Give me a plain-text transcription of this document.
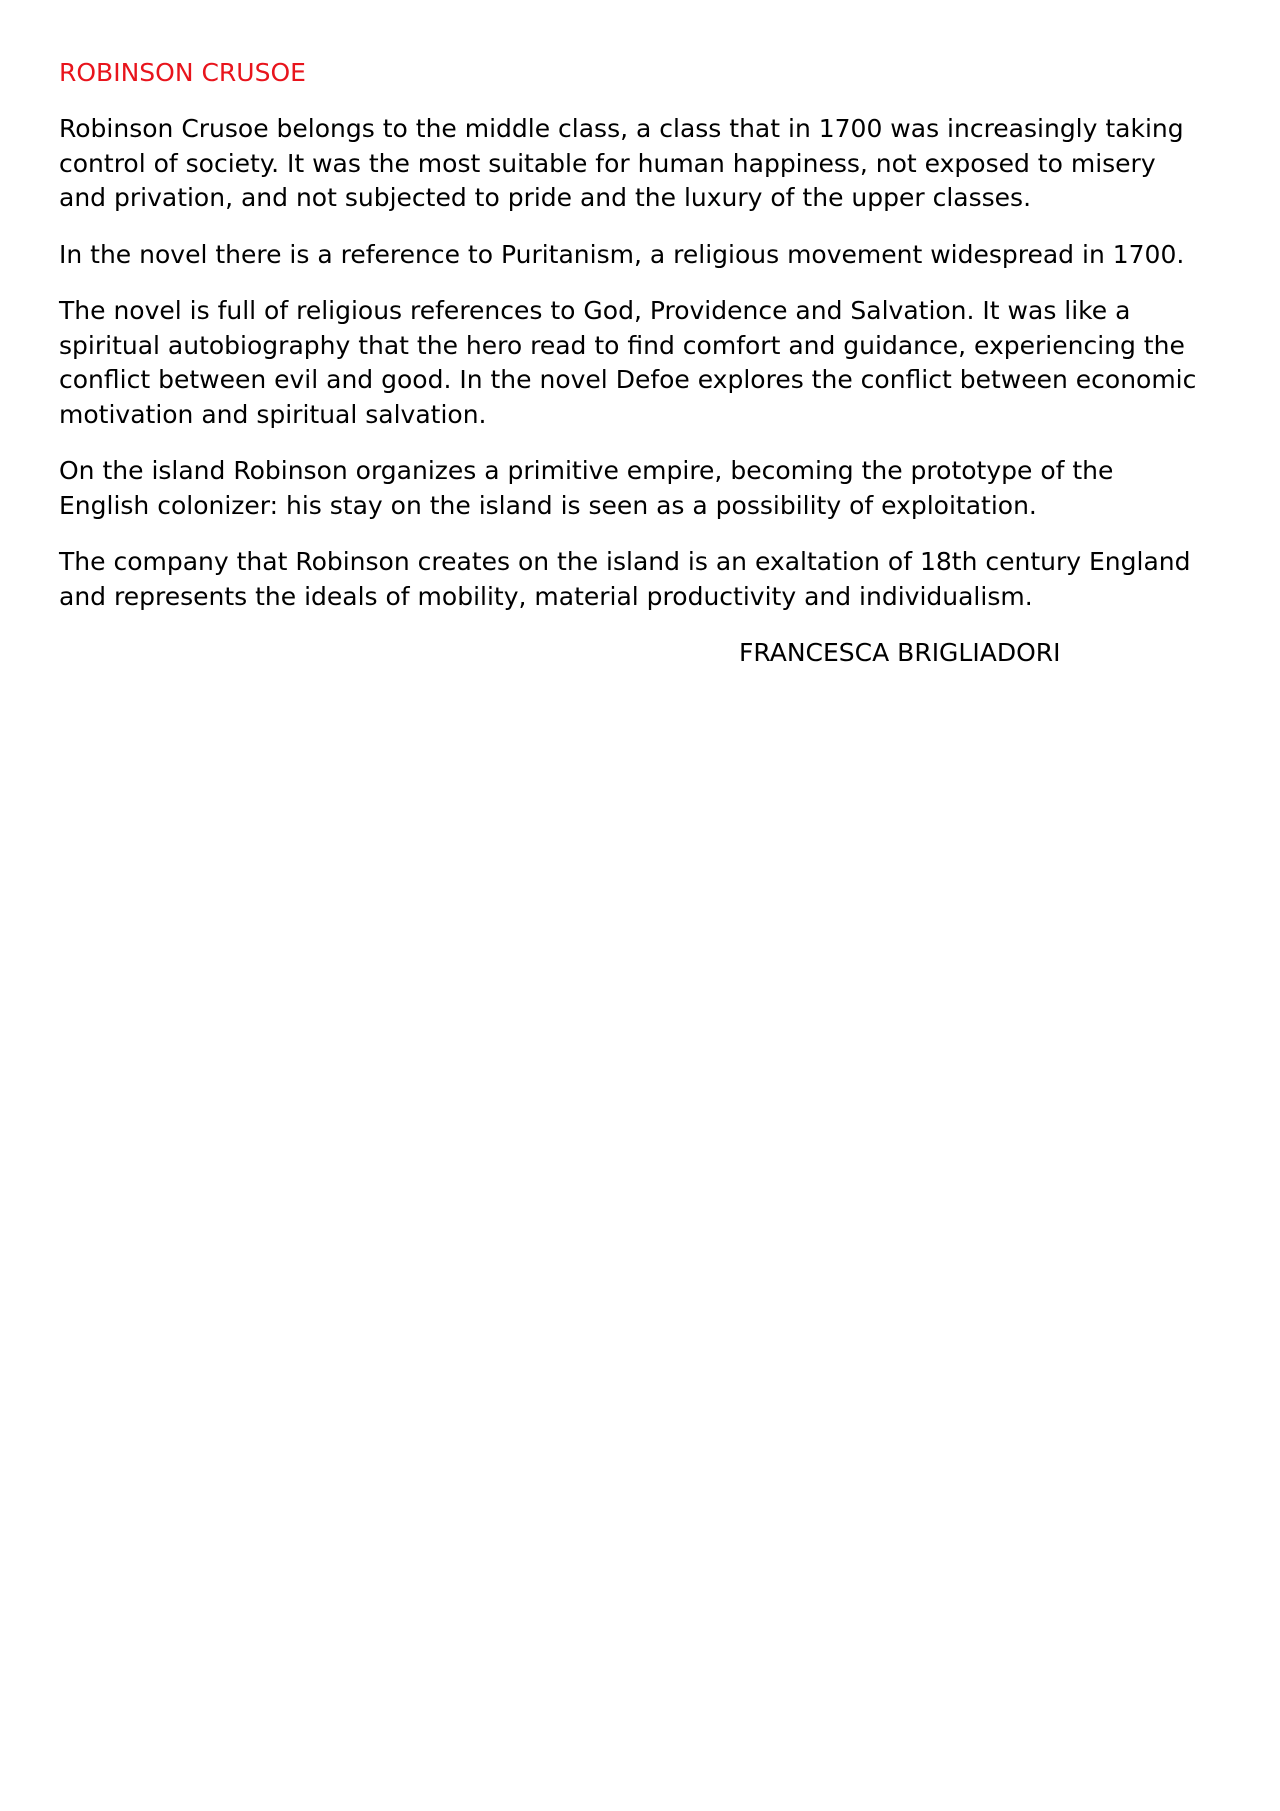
ROBINSON CRUSOE

Robinson Crusoe belongs to the middle class, a class that in 1700 was increasingly taking control of society. It was the most suitable for human happiness, not exposed to misery and privation, and not subjected to pride and the luxury of the upper classes.

In the novel there is a reference to Puritanism, a religious movement widespread in 1700.

The novel is full of religious references to God, Providence and Salvation. It was like a spiritual autobiography that the hero read to find comfort and guidance, experiencing the conflict between evil and good. In the novel Defoe explores the conflict between economic motivation and spiritual salvation.

On the island Robinson organizes a primitive empire, becoming the prototype of the English colonizer: his stay on the island is seen as a possibility of exploitation.

The company that Robinson creates on the island is an exaltation of 18th century England and represents the ideals of mobility, material productivity and individualism.

FRANCESCA BRIGLIADORI
